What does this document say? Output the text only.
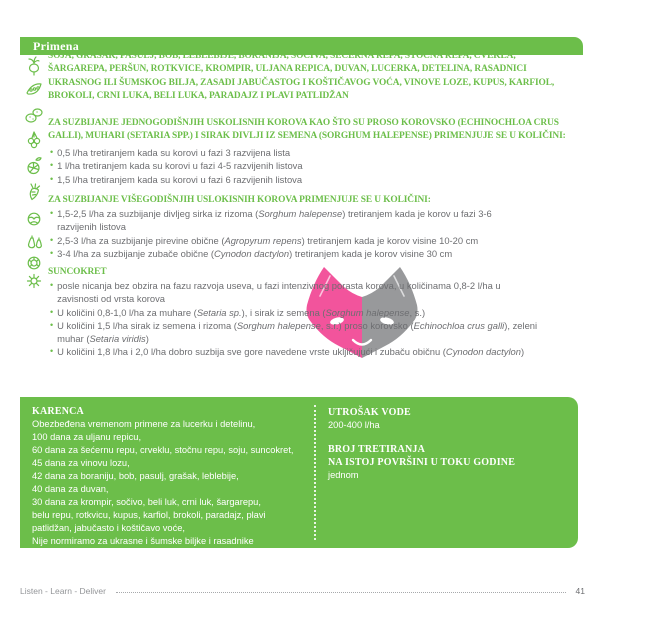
Primena
SOJA, GRAŠAK, PASULJ, BOB, LEBLEBIJE, BORANIJA, SOČIVA, ŠEĆERNA REPA, STOČNA REPA, CVEKLA,
ŠARGAREPA, PERŠUN, ROTKVICE, KROMPIR, ULJANA REPICA, DUVAN, LUCERKA, DETELINA, RASADNICI
UKRASNOG ILI ŠUMSKOG BILJA, ZASADI JABUČASTOG I KOŠTIČAVOG VOĆA, VINOVE LOZE, KUPUS, KARFIOL,
BROKOLI, CRNI LUKA, BELI LUKA, PARADAJZ I PLAVI PATLIDŽAN
ZA SUZBIJANJE JEDNOGODIŠNJIH USKOLISNIH KOROVA KAO ŠTO SU PROSO KOROVSKO (ECHINOCHLOA CRUS
GALLI), MUHARI (SETARIA SPP.) I SIRAK DIVLJI IZ SEMENA (SORGHUM HALEPENSE) PRIMENJUJE SE U KOLIČINI:
• 0,5 l/ha tretiranjem kada su korovi u fazi 3 razvijena lista
• 1 l/ha tretiranjem kada su korovi u fazi 4-5 razvijenih listova
• 1,5 l/ha tretiranjem kada su korovi u fazi 6 razvijenih listova
ZA SUZBIJANJE VIŠEGODIŠNJIH USLOKISNIH KOROVA PRIMENJUJE SE U KOLIČINI:
• 1,5-2,5 l/ha za suzbijanje divljeg sirka iz rizoma (Sorghum halepense) tretiranjem kada je korov u fazi 3-6
razvijenih listova
• 2,5-3 l/ha za suzbijanje pirevine obične (Agropyrum repens) tretiranjem kada je korov visine 10-20 cm
• 3-4 l/ha za suzbijanje zubače obične (Cynodon dactylon) tretiranjem kada je korov visine 30 cm
SUNCOKRET
• posle nicanja bez obzira na fazu razvoja useva, u fazi intenzivnog porasta korova, u količinama 0,8-2 l/ha u
zavisnosti od vrsta korova
• U količini 0,8-1,0 l/ha za muhare (Setaria sp.), i sirak iz semena (Sorghum halepense, s.)
• U količini 1,5 l/ha sirak iz semena i rizoma (Sorghum halepense, s.r.) proso korovsko (Echinochloa crus galli), zeleni
muhar (Setaria viridis)
• U količini 1,8 l/ha i 2,0 l/ha dobro suzbija sve gore navedene vrste ukljičujući i zubaču običnu (Cynodon dactylon)
KARENCA
Obezbeđena vremenom primene za lucerku i detelinu,
100 dana za uljanu repicu,
60 dana za šećernu repu, crveklu, stočnu repu, soju, suncokret,
45 dana za vinovu lozu,
42 dana za boraniju, bob, pasulj, grašak, leblebije,
40 dana za duvan,
30 dana za krompir, sočivo, beli luk, crni luk, šargarepu,
belu repu, rotkvicu, kupus, karfiol, brokoli, paradajz, plavi
patlidžan, jabučasto i koštičavo voće,
Nije normiramo za ukrasne i šumske biljke i rasadnike
UTROŠAK VODE
200-400 l/ha
BROJ TRETIRANJA
NA ISTOJ POVRŠINI U TOKU GODINE
jednom
Listen - Learn - Deliver	41
